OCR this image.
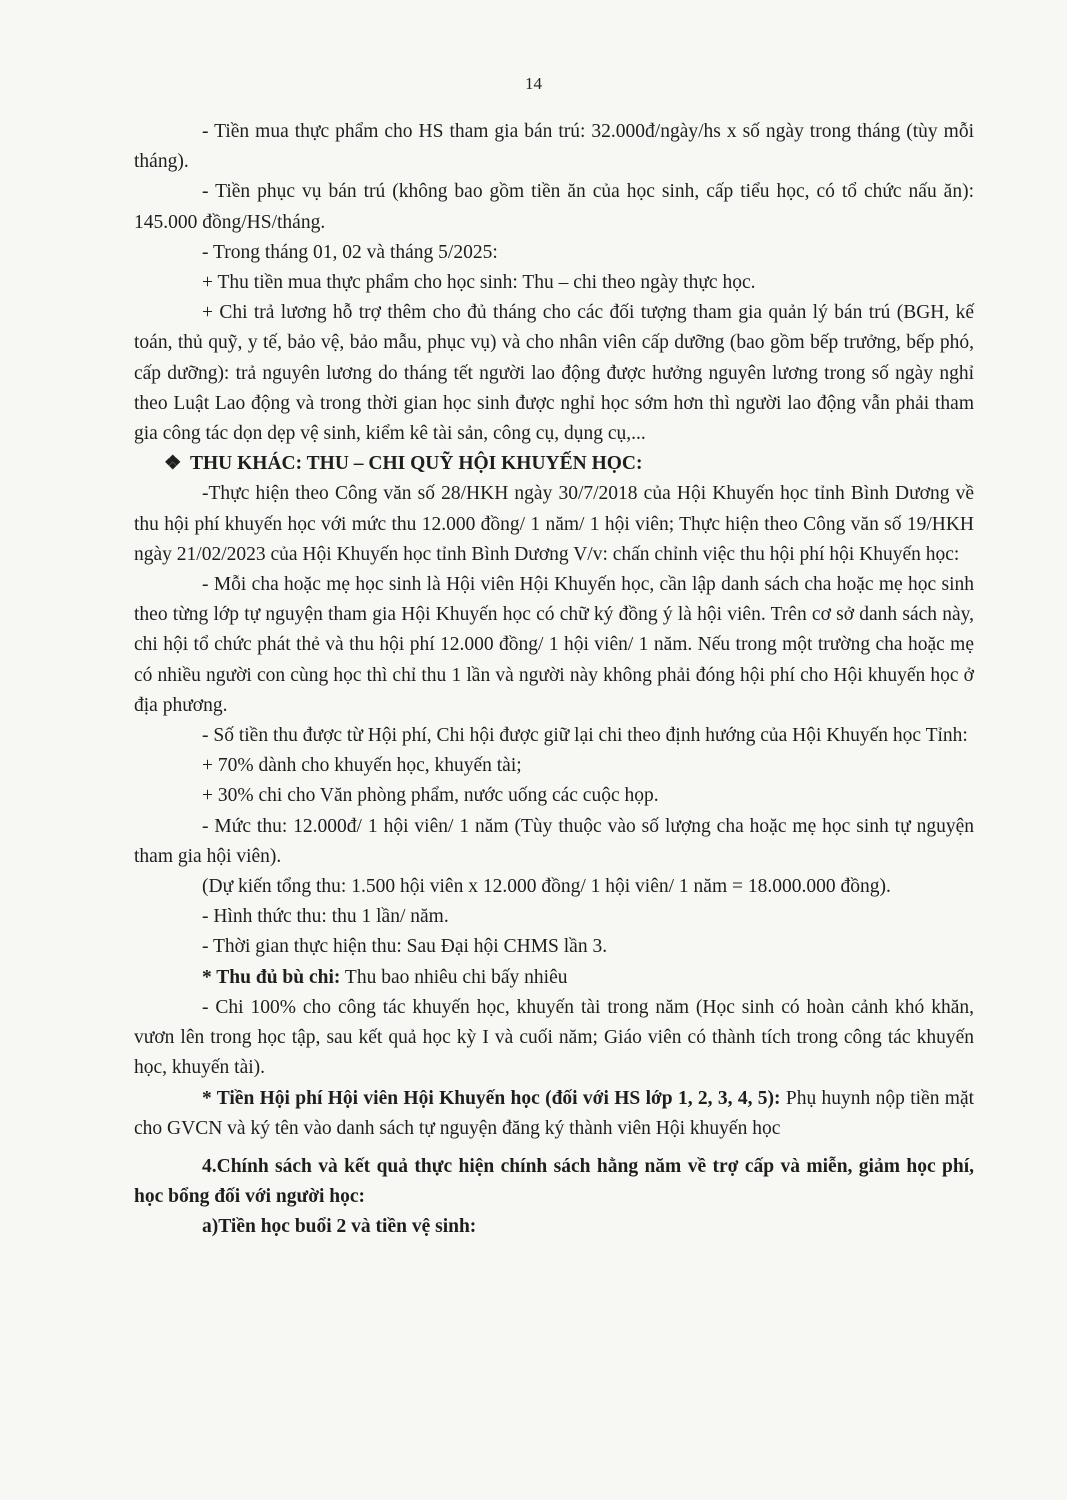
14

- Tiền mua thực phẩm cho HS tham gia bán trú: 32.000đ/ngày/hs x số ngày trong tháng (tùy mỗi tháng).

- Tiền phục vụ bán trú (không bao gồm tiền ăn của học sinh, cấp tiểu học, có tổ chức nấu ăn): 145.000 đồng/HS/tháng.

- Trong tháng 01, 02 và tháng 5/2025:

+ Thu tiền mua thực phẩm cho học sinh: Thu – chi theo ngày thực học.

+ Chi trả lương hỗ trợ thêm cho đủ tháng cho các đối tượng tham gia quản lý bán trú (BGH, kế toán, thủ quỹ, y tế, bảo vệ, bảo mẫu, phục vụ) và cho nhân viên cấp dưỡng (bao gồm bếp trưởng, bếp phó, cấp dưỡng): trả nguyên lương do tháng tết người lao động được hưởng nguyên lương trong số ngày nghỉ theo Luật Lao động và trong thời gian học sinh được nghỉ học sớm hơn thì người lao động vẫn phải tham gia công tác dọn dẹp vệ sinh, kiểm kê tài sản, công cụ, dụng cụ,...

❖ THU KHÁC: THU – CHI QUỸ HỘI KHUYẾN HỌC:

-Thực hiện theo Công văn số 28/HKH ngày 30/7/2018 của Hội Khuyến học tỉnh Bình Dương về thu hội phí khuyến học với mức thu 12.000 đồng/ 1 năm/ 1 hội viên; Thực hiện theo Công văn số 19/HKH ngày 21/02/2023 của Hội Khuyến học tỉnh Bình Dương V/v: chấn chỉnh việc thu hội phí hội Khuyến học:

- Mỗi cha hoặc mẹ học sinh là Hội viên Hội Khuyến học, cần lập danh sách cha hoặc mẹ học sinh theo từng lớp tự nguyện tham gia Hội Khuyến học có chữ ký đồng ý là hội viên. Trên cơ sở danh sách này, chi hội tổ chức phát thẻ và thu hội phí 12.000 đồng/ 1 hội viên/ 1 năm. Nếu trong một trường cha hoặc mẹ có nhiều người con cùng học thì chỉ thu 1 lần và người này không phải đóng hội phí cho Hội khuyến học ở địa phương.

- Số tiền thu được từ Hội phí, Chi hội được giữ lại chi theo định hướng của Hội Khuyến học Tỉnh:

+ 70% dành cho khuyến học, khuyến tài;

+ 30% chi cho Văn phòng phẩm, nước uống các cuộc họp.

- Mức thu: 12.000đ/ 1 hội viên/ 1 năm (Tùy thuộc vào số lượng cha hoặc mẹ học sinh tự nguyện tham gia hội viên).

(Dự kiến tổng thu: 1.500 hội viên x 12.000 đồng/ 1 hội viên/ 1 năm = 18.000.000 đồng).

- Hình thức thu: thu 1 lần/ năm.

- Thời gian thực hiện thu: Sau Đại hội CHMS lần 3.

* Thu đủ bù chi: Thu bao nhiêu chi bấy nhiêu

- Chi 100% cho công tác khuyến học, khuyến tài trong năm (Học sinh có hoàn cảnh khó khăn, vươn lên trong học tập, sau kết quả học kỳ I và cuối năm; Giáo viên có thành tích trong công tác khuyến học, khuyến tài).

* Tiền Hội phí Hội viên Hội Khuyến học (đối với HS lớp 1, 2, 3, 4, 5): Phụ huynh nộp tiền mặt cho GVCN và ký tên vào danh sách tự nguyện đăng ký thành viên Hội khuyến học

4.Chính sách và kết quả thực hiện chính sách hằng năm về trợ cấp và miễn, giảm học phí, học bổng đối với người học:

a)Tiền học buổi 2 và tiền vệ sinh:
